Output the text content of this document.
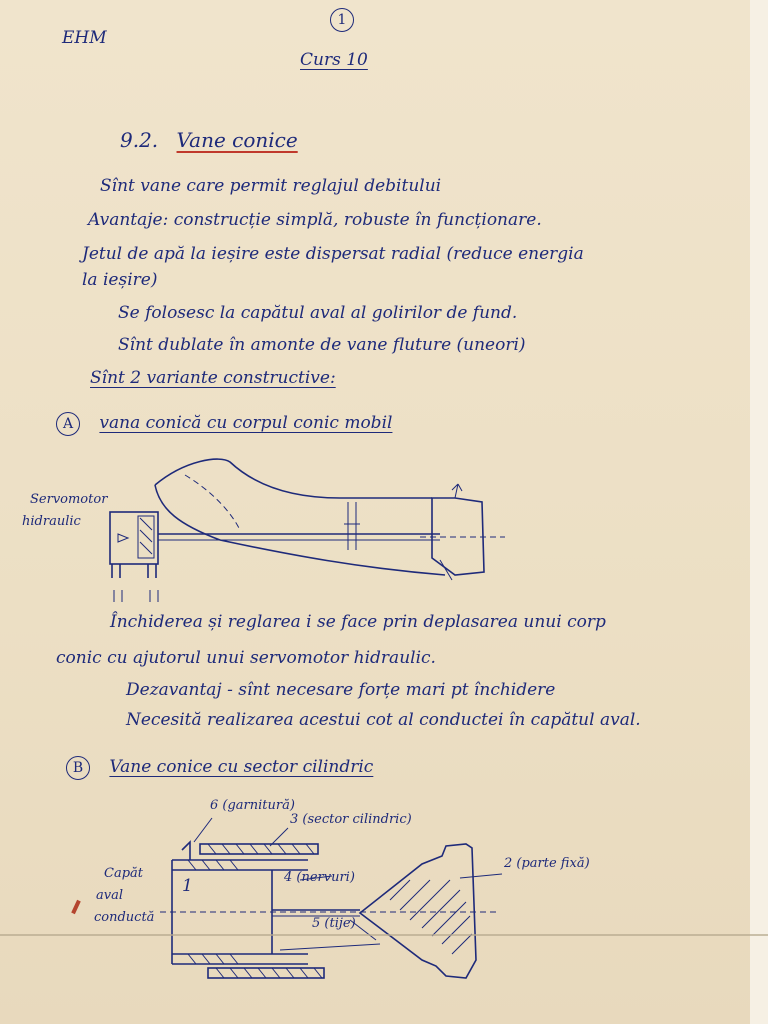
EHM
1
Curs 10
9.2. Vane conice
Sînt vane care permit reglajul debitului
Avantaje: construcție simplă, robuste în funcționare.
Jetul de apă la ieșire este dispersat radial (reduce energia
la ieșire)
Se folosesc la capătul aval al golirilor de fund.
Sînt dublate în amonte de vane fluture (uneori)
Sînt 2 variante constructive:
A vana conică cu corpul conic mobil
Servomotor
hidraulic
Închiderea și reglarea i se face prin deplasarea unui corp
conic cu ajutorul unui servomotor hidraulic.
Dezavantaj - sînt necesare forțe mari pt închidere
Necesită realizarea acestui cot al conductei în capătul aval.
B Vane conice cu sector cilindric
Capăt
aval
conductă
1
2 (parte fixă)
3 (sector cilindric)
4 (nervuri)
5 (tije)
6 (garnitură)
